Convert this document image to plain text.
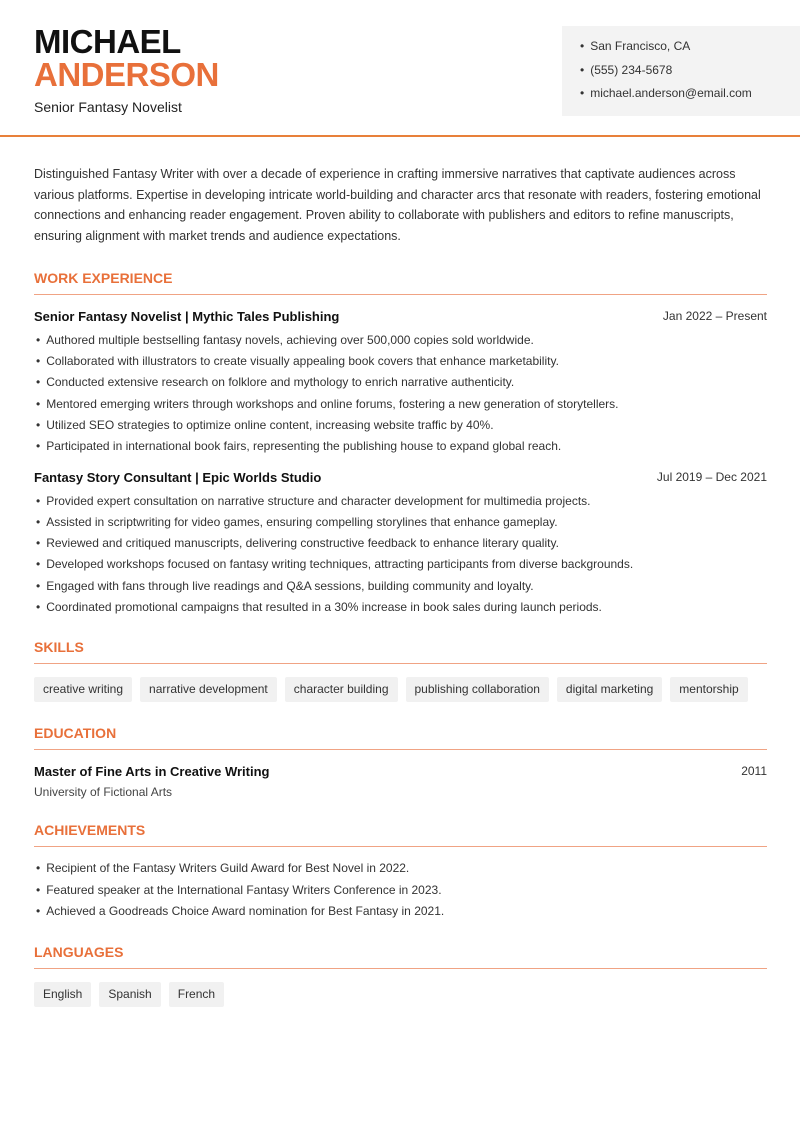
MICHAEL
ANDERSON
Senior Fantasy Novelist
• San Francisco, CA
• (555) 234-5678
• michael.anderson@email.com

Distinguished Fantasy Writer with over a decade of experience in crafting immersive narratives that captivate audiences across various platforms. Expertise in developing intricate world-building and character arcs that resonate with readers, fostering emotional connections and enhancing reader engagement. Proven ability to collaborate with publishers and editors to refine manuscripts, ensuring alignment with market trends and audience expectations.

WORK EXPERIENCE
Senior Fantasy Novelist | Mythic Tales Publishing	Jan 2022 – Present
• Authored multiple bestselling fantasy novels, achieving over 500,000 copies sold worldwide.
• Collaborated with illustrators to create visually appealing book covers that enhance marketability.
• Conducted extensive research on folklore and mythology to enrich narrative authenticity.
• Mentored emerging writers through workshops and online forums, fostering a new generation of storytellers.
• Utilized SEO strategies to optimize online content, increasing website traffic by 40%.
• Participated in international book fairs, representing the publishing house to expand global reach.
Fantasy Story Consultant | Epic Worlds Studio	Jul 2019 – Dec 2021
• Provided expert consultation on narrative structure and character development for multimedia projects.
• Assisted in scriptwriting for video games, ensuring compelling storylines that enhance gameplay.
• Reviewed and critiqued manuscripts, delivering constructive feedback to enhance literary quality.
• Developed workshops focused on fantasy writing techniques, attracting participants from diverse backgrounds.
• Engaged with fans through live readings and Q&A sessions, building community and loyalty.
• Coordinated promotional campaigns that resulted in a 30% increase in book sales during launch periods.
SKILLS
creative writing	narrative development	character building	publishing collaboration	digital marketing	mentorship
EDUCATION
Master of Fine Arts in Creative Writing	2011
University of Fictional Arts
ACHIEVEMENTS
• Recipient of the Fantasy Writers Guild Award for Best Novel in 2022.
• Featured speaker at the International Fantasy Writers Conference in 2023.
• Achieved a Goodreads Choice Award nomination for Best Fantasy in 2021.
LANGUAGES
English	Spanish	French
